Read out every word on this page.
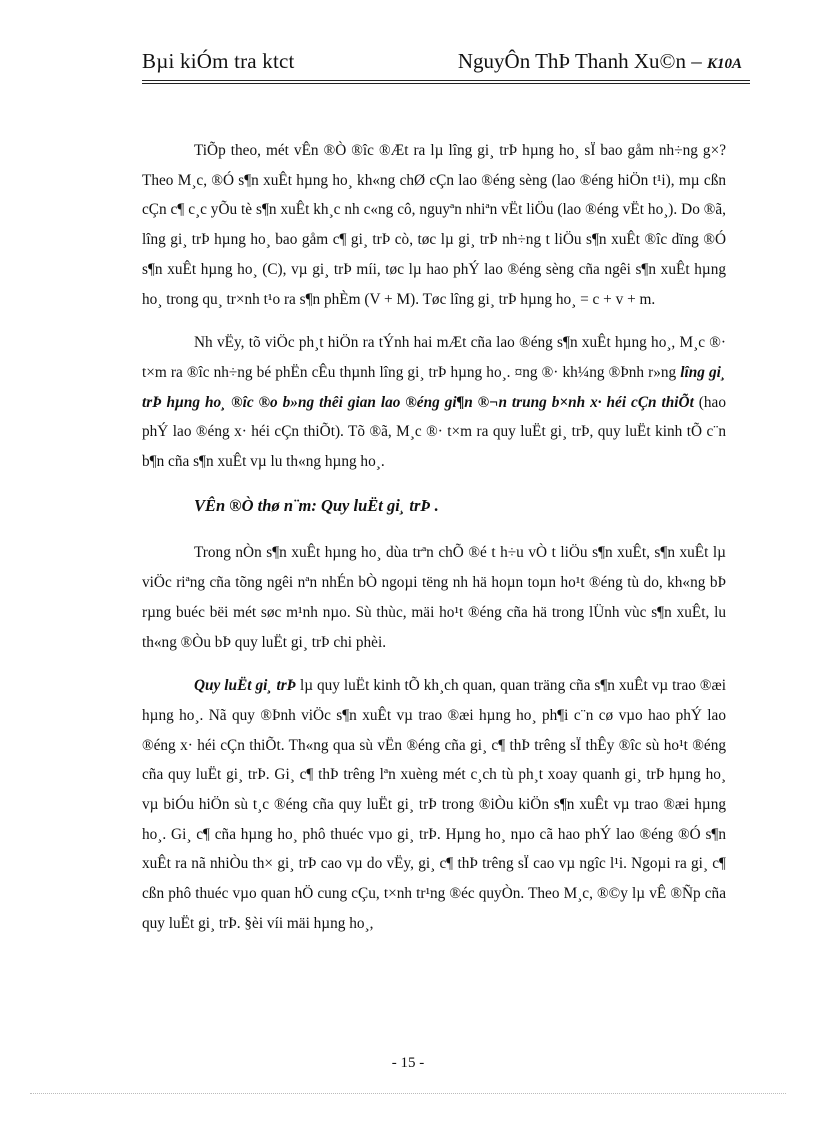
Bµi kiÓm tra ktct	NguyÔn ThÞ Thanh Xu©n – K10A

TiÕp theo, mét vÊn ®Ò ®îc ®Æt ra lµ lîng gi¸ trÞ hµng ho¸ sÏ bao gåm nh÷ng g×? Theo M¸c, ®Ó s¶n xuÊt hµng ho¸ kh«ng chØ cÇn lao ®éng sèng (lao ®éng hiÖn t¹i), mµ cßn cÇn c¶ c¸c yÕu tè s¶n xuÊt kh¸c nh c«ng cô, nguyªn nhiªn vËt liÖu (lao ®éng vËt ho¸). Do ®ã, lîng gi¸ trÞ hµng ho¸ bao gåm c¶ gi¸ trÞ cò, tøc lµ gi¸ trÞ nh÷ng t liÖu s¶n xuÊt ®îc dïng ®Ó s¶n xuÊt hµng ho¸ (C), vµ gi¸ trÞ míi, tøc lµ hao phÝ lao ®éng sèng cña ngêi s¶n xuÊt hµng ho¸ trong qu¸ tr×nh t¹o ra s¶n phÈm (V + M). Tøc lîng gi¸ trÞ hµng ho¸ = c + v + m.

Nh vËy, tõ viÖc ph¸t hiÖn ra tÝnh hai mÆt cña lao ®éng s¶n xuÊt hµng ho¸, M¸c ®· t×m ra ®îc nh÷ng bé phËn cÊu thµnh lîng gi¸ trÞ hµng ho¸. ¤ng ®· kh¼ng ®Þnh r»ng lîng gi¸ trÞ hµng ho¸ ®îc ®o b»ng thêi gian lao ®éng gi¶n ®¬n trung b×nh x· héi cÇn thiÕt (hao phÝ lao ®éng x· héi cÇn thiÕt). Tõ ®ã, M¸c ®· t×m ra quy luËt gi¸ trÞ, quy luËt kinh tÕ c¨n b¶n cña s¶n xuÊt vµ lu th«ng hµng ho¸.

VÊn ®Ò thø n¨m: Quy luËt gi¸ trÞ .

Trong nÒn s¶n xuÊt hµng ho¸ dùa trªn chÕ ®é t h÷u vÒ t liÖu s¶n xuÊt, s¶n xuÊt lµ viÖc riªng cña tõng ngêi nªn nhÉn bÒ ngoµi tëng nh hä hoµn toµn ho¹t ®éng tù do, kh«ng bÞ rµng buéc bëi mét søc m¹nh nµo. Sù thùc, mäi ho¹t ®éng cña hä trong lÜnh vùc s¶n xuÊt, lu th«ng ®Òu bÞ quy luËt gi¸ trÞ chi phèi.

Quy luËt gi¸ trÞ lµ quy luËt kinh tÕ kh¸ch quan, quan träng cña s¶n xuÊt vµ trao ®æi hµng ho¸. Nã quy ®Þnh viÖc s¶n xuÊt vµ trao ®æi hµng ho¸ ph¶i c¨n cø vµo hao phÝ lao ®éng x· héi cÇn thiÕt. Th«ng qua sù vËn ®éng cña gi¸ c¶ thÞ trêng sÏ thÊy ®îc sù ho¹t ®éng cña quy luËt gi¸ trÞ. Gi¸ c¶ thÞ trêng lªn xuèng mét c¸ch tù ph¸t xoay quanh gi¸ trÞ hµng ho¸ vµ biÓu hiÖn sù t¸c ®éng cña quy luËt gi¸ trÞ trong ®iÒu kiÖn s¶n xuÊt vµ trao ®æi hµng ho¸. Gi¸ c¶ cña hµng ho¸ phô thuéc vµo gi¸ trÞ. Hµng ho¸ nµo cã hao phÝ lao ®éng ®Ó s¶n xuÊt ra nã nhiÒu th× gi¸ trÞ cao vµ do vËy, gi¸ c¶ thÞ trêng sÏ cao vµ ngîc l¹i. Ngoµi ra gi¸ c¶ cßn phô thuéc vµo quan hÖ cung cÇu, t×nh tr¹ng ®éc quyÒn. Theo M¸c, ®©y lµ vÊ ®Ñp cña quy luËt gi¸ trÞ. §èi víi mäi hµng ho¸,

- 15 -
